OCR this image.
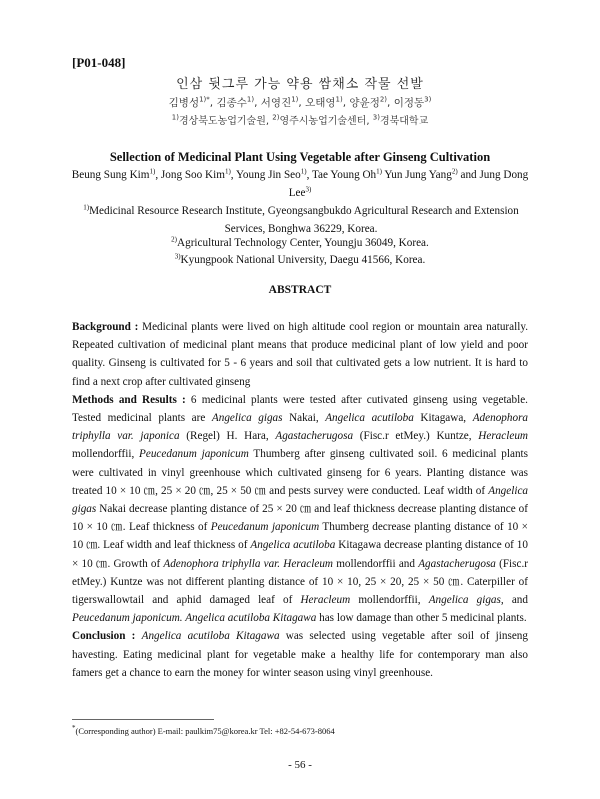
[P01-048]
인삼 뒷그루 가능 약용 쌈채소 작물 선발
김병성$^{1)*}$, 김종수$^{1)}$, 서영진$^{1)}$, 오태영$^{1)}$, 양윤정$^{2)}$, 이정동$^{3)}$
$^{1)}$경상북도농업기술원, $^{2)}$영주시농업기술센터, $^{3)}$경북대학교
Sellection of Medicinal Plant Using Vegetable after Ginseng Cultivation
Beung Sung Kim$^{1)}$, Jong Soo Kim$^{1)}$, Young Jin Seo$^{1)}$, Tae Young Oh$^{1)}$ Yun Jung Yang$^{2)}$ and Jung Dong Lee$^{3)}$
$^{1)}$Medicinal Resource Research Institute, Gyeongsangbukdo Agricultural Research and Extension Services, Bonghwa 36229, Korea.
$^{2)}$Agricultural Technology Center, Youngju 36049, Korea.
$^{3)}$Kyungpook National University, Daegu 41566, Korea.
ABSTRACT

Background : Medicinal plants were lived on high altitude cool region or mountain area naturally. Repeated cultivation of medicinal plant means that produce medicinal plant of low yield and poor quality. Ginseng is cultivated for 5 - 6 years and soil that cultivated gets a low nutrient. It is hard to find a next crop after cultivated ginseng

Methods and Results : 6 medicinal plants were tested after cutivated ginseng using vegetable. Tested medicinal plants are Angelica gigas Nakai, Angelica acutiloba Kitagawa, Adenophora triphylla var. japonica (Regel) H. Hara, Agastacherugosa (Fisc.r etMey.) Kuntze, Heracleum mollendorffii, Peucedanum japonicum Thumberg after ginseng cultivated soil. 6 medicinal plants were cultivated in vinyl greenhouse which cultivated ginseng for 6 years. Planting distance was treated 10 × 10 ㎝, 25 × 20 ㎝, 25 × 50 ㎝ and pests survey were conducted. Leaf width of Angelica gigas Nakai decrease planting distance of 25 × 20 ㎝ and leaf thickness decrease planting distance of 10 × 10 ㎝. Leaf thickness of Peucedanum japonicum Thumberg decrease planting distance of 10 × 10 ㎝. Leaf width and leaf thickness of Angelica acutiloba Kitagawa decrease planting distance of 10 × 10 ㎝. Growth of Adenophora triphylla var. Heracleum mollendorffii and Agastacherugosa (Fisc.r etMey.) Kuntze was not different planting distance of 10 × 10, 25 × 20, 25 × 50 ㎝. Caterpiller of tigerswallowtail and aphid damaged leaf of Heracleum mollendorffii, Angelica gigas, and Peucedanum japonicum. Angelica acutiloba Kitagawa has low damage than other 5 medicinal plants.

Conclusion : Angelica acutiloba Kitagawa was selected using vegetable after soil of jinseng havesting. Eating medicinal plant for vegetable make a healthy life for contemporary man also famers get a chance to earn the money for winter season using vinyl greenhouse.

*(Corresponding author) E-mail: paulkim75@korea.kr Tel: +82-54-673-8064
- 56 -
